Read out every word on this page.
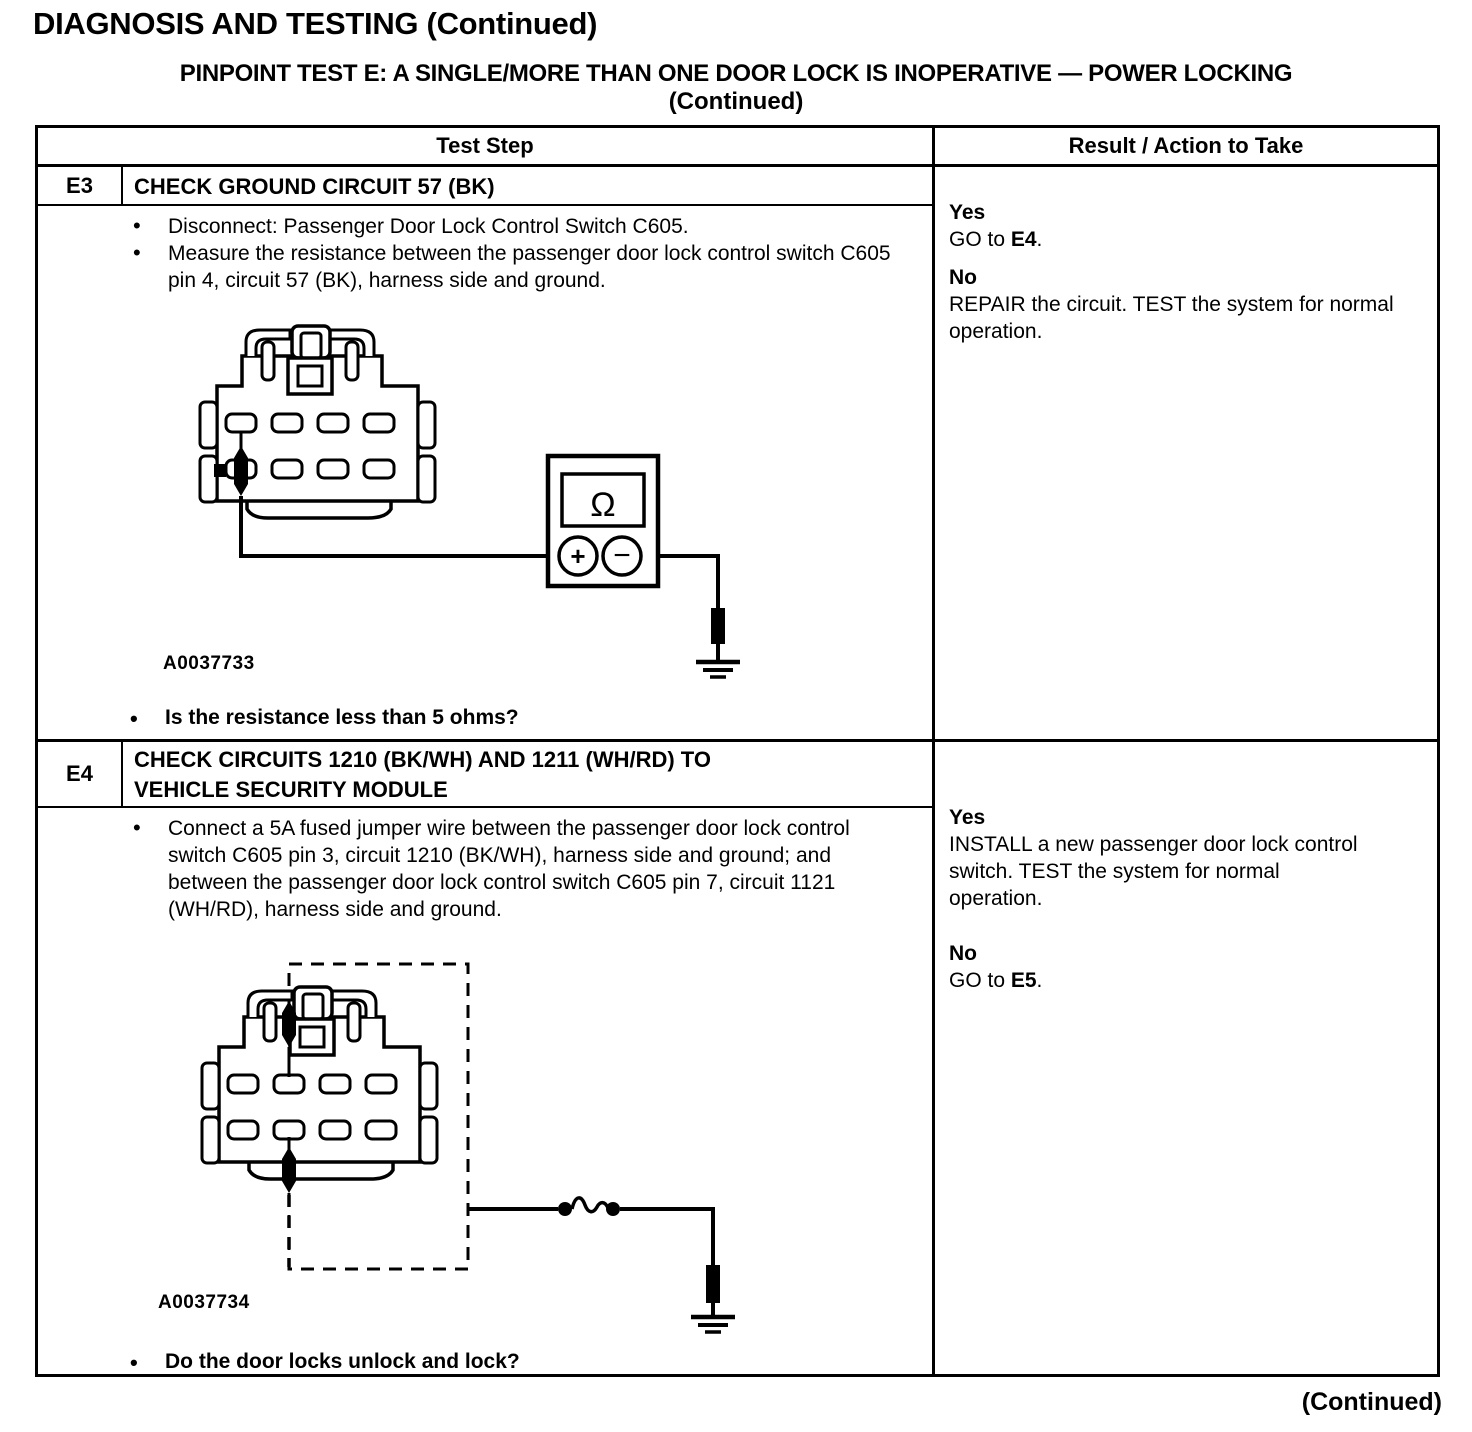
DIAGNOSIS AND TESTING (Continued)
PINPOINT TEST E: A SINGLE/MORE THAN ONE DOOR LOCK IS INOPERATIVE — POWER LOCKING
(Continued)
Test Step	Result / Action to Take
E3	CHECK GROUND CIRCUIT 57 (BK)
•
Disconnect: Passenger Door Lock Control Switch C605.
•
Measure the resistance between the passenger door lock control switch C605 pin 4, circuit 57 (BK), harness side and ground.
Ω
+ −
A0037733
•
Is the resistance less than 5 ohms?
Yes
GO to E4.
No
REPAIR the circuit. TEST the system for normal operation.
E4
CHECK CIRCUITS 1210 (BK/WH) AND 1211 (WH/RD) TO VEHICLE SECURITY MODULE
•
Connect a 5A fused jumper wire between the passenger door lock control switch C605 pin 3, circuit 1210 (BK/WH), harness side and ground; and between the passenger door lock control switch C605 pin 7, circuit 1121 (WH/RD), harness side and ground.
A0037734
•
Do the door locks unlock and lock?
Yes
INSTALL a new passenger door lock control switch. TEST the system for normal operation.
No
GO to E5.
(Continued)
